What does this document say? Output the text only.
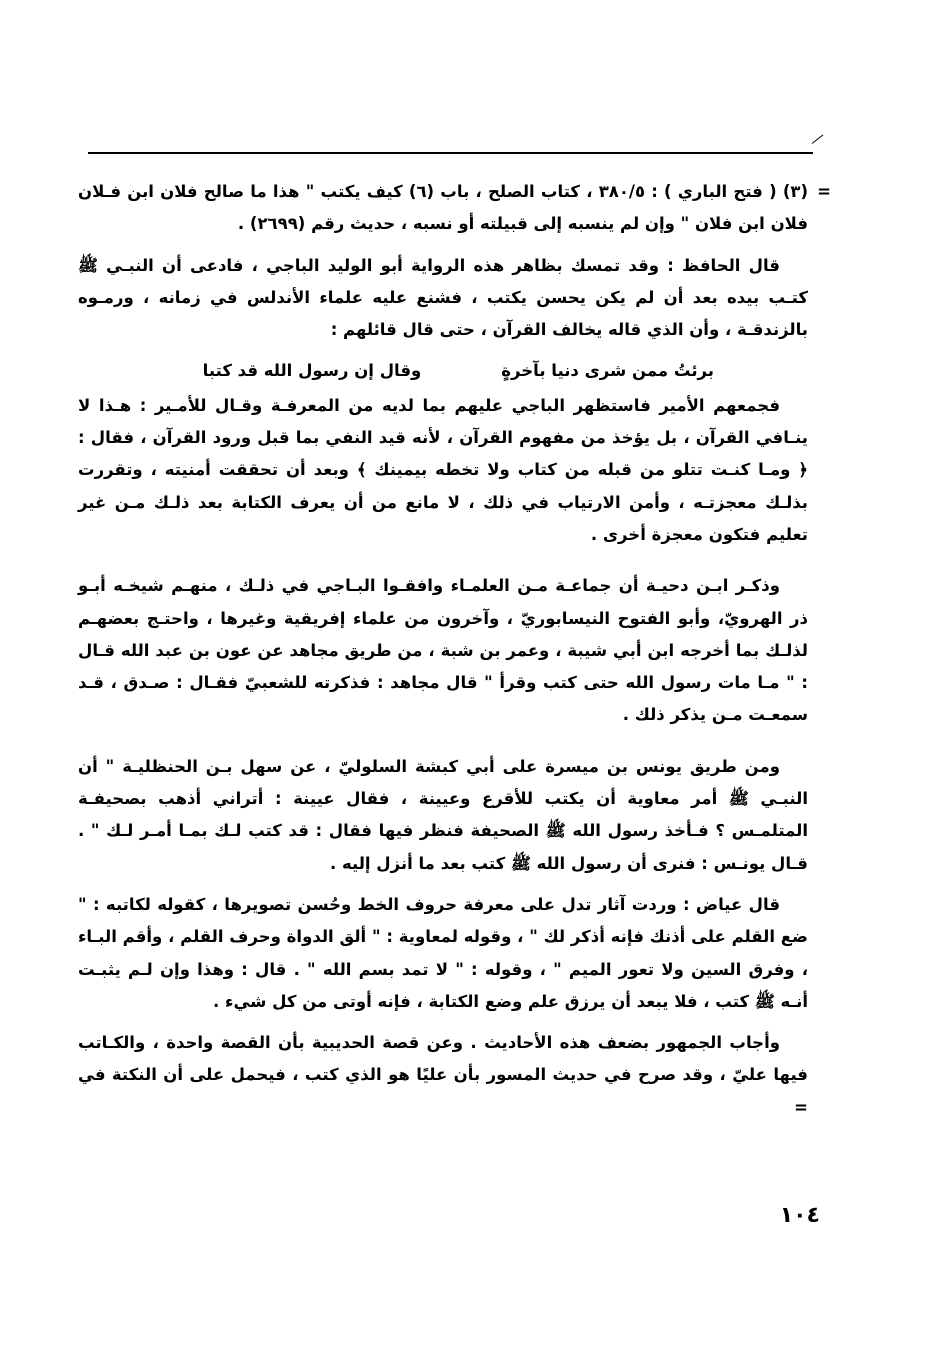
=

(٣) ( فتح الباري ) : ٣٨٠/٥ ، كتاب الصلح ، باب (٦) كيف يكتب " هذا ما صالح فلان ابن فـلان فلان ابن فلان " وإن لم ينسبه إلى قبيلته أو نسبه ، حديث رقم (٢٦٩٩) .

قال الحافظ : وقد تمسك بظاهر هذه الرواية أبو الوليد الباجي ، فادعى أن النبـي ﷺ كتـب بيده بعد أن لم يكن يحسن يكتب ، فشنع عليه علماء الأندلس في زمانه ، ورمـوه بالزندقـة ، وأن الذي قاله يخالف القرآن ، حتى قال قائلهم :

برئتُ ممن شرى دنيا بآخرةٍ
وقال إن رسول الله قد كتبا

فجمعهم الأمير فاستظهر الباجي عليهم بما لديه من المعرفـة وقـال للأمـير : هـذا لا ينـافي القرآن ، بل يؤخذ من مفهوم القرآن ، لأنه قيد النفي بما قبل ورود القرآن ، فقال : ﴿ ومـا كنـت تتلو من قبله من كتاب ولا تخطه بيمينك ﴾ وبعد أن تحققت أمنيته ، وتقررت بذلـك معجزتـه ، وأمن الارتياب في ذلك ، لا مانع من أن يعرف الكتابة بعد ذلـك مـن غير تعليم فتكون معجزة أخرى .

وذكـر ابـن دحيـة أن جماعـة مـن العلمـاء وافقـوا البـاجي في ذلـك ، منهـم شيخـه أبـو ذر الهرويّ، وأبو الفتوح النيسابوريّ ، وآخرون من علماء إفريقية وغيرها ، واحتـج بعضهـم لذلـك بما أخرجه ابن أبي شيبة ، وعمر بن شبة ، من طريق مجاهد عن عون بن عبد الله قـال : " مـا مات رسول الله حتى كتب وقرأ " قال مجاهد : فذكرته للشعبيّ فقـال : صـدق ، قـد سمعـت مـن يذكر ذلك .

ومن طريق يونس بن ميسرة على أبي كبشة السلوليّ ، عن سهل بـن الحنظليـة " أن النبـي ﷺ أمر معاوية أن يكتب للأقرع وعيينة ، فقال عيينة : أتراني أذهب بصحيفـة المتلمـس ؟ فـأخذ رسول الله ﷺ الصحيفة فنظر فيها فقال : قد كتب لـك بمـا أمـر لـك " . قـال يونـس : فنرى أن رسول الله ﷺ كتب بعد ما أنزل إليه .

قال عياض : وردت آثار تدل على معرفة حروف الخط وحُسن تصويرها ، كقوله لكاتبه : " ضع القلم على أذنك فإنه أذكر لك " ، وقوله لمعاوية : " ألق الدواة وحرف القلم ، وأقم البـاء ، وفرق السين ولا تعور الميم " ، وقوله : " لا تمد بسم الله " . قال : وهذا وإن لـم يثبـت أنـه ﷺ كتب ، فلا يبعد أن يرزق علم وضع الكتابة ، فإنه أوتى من كل شيء .

وأجاب الجمهور بضعف هذه الأحاديث . وعن قصة الحديبية بأن القصة واحدة ، والكـاتب فيها عليّ ، وقد صرح في حديث المسور بأن عليًا هو الذي كتب ، فيحمل على أن النكتة في =

١٠٤
